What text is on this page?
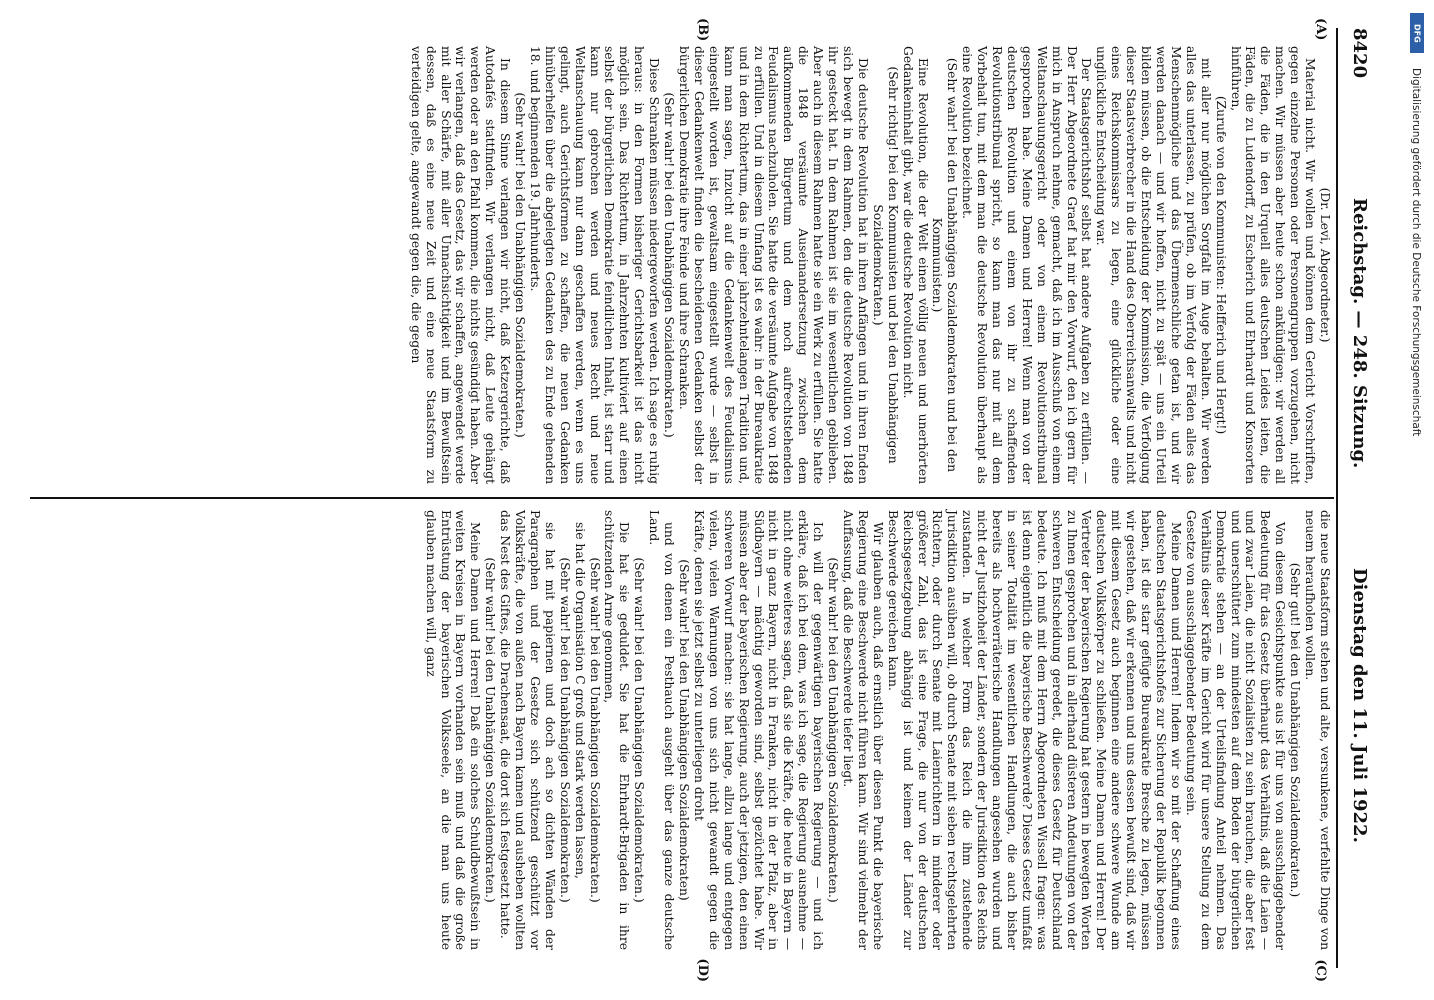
8420
Reichstag. — 248. Sitzung.
Dienstag den 11. Juli 1922.
(A)
(B)
(C)
(D)

(Dr. Levi, Abgeordneter.)

Material nicht. Wir wollen und können dem Gericht Vorschriften, gegen einzelne Personen oder Personengruppen vorzugehen, nicht machen. Wir müssen aber heute schon ankündigen: wir werden all die Fäden, die in den Urquell alles deutschen Leides leiten, die Fäden, die zu Ludendorff, zu Escherich und Ehrhardt und Konsorten hinführen,

(Zurufe von den Kommunisten: Helfferich und Hergt!)

mit aller nur möglichen Sorgfalt im Auge behalten. Wir werden alles das unterlassen, zu prüfen, ob im Verfolg der Fäden alles das Menschenmögliche und das Übermenschliche getan ist, und wir werden danach — und wir hoffen, nicht zu spät — uns ein Urteil bilden müssen, ob die Entscheidung der Kommission, die Verfolgung dieser Staatsverbrecher in die Hand des Oberreichsanwalts und nicht eines Reichskommissars zu legen, eine glückliche oder eine unglückliche Entscheidung war.

Der Staatsgerichtshof selbst hat andere Aufgaben zu erfüllen. — Der Herr Abgeordnete Graef hat mir den Vorwurf, den ich gern für mich in Anspruch nehme, gemacht, daß ich im Ausschuß von einem Weltanschauungsgericht oder von einem Revolutionstribunal gesprochen habe. Meine Damen und Herren! Wenn man von der deutschen Revolution und einem von ihr zu schaffenden Revolutionstribunal spricht, so kann man das nur mit all dem Vorbehalt tun, mit dem man die deutsche Revolution überhaupt als eine Revolution bezeichnet.

(Sehr wahr! bei den Unabhängigen Sozialdemokraten und bei den Kommunisten.)

Eine Revolution, die der Welt einen völlig neuen und unerhörten Gedankeninhalt gibt, war die deutsche Revolution nicht.

(Sehr richtig! bei den Kommunisten und bei den Unabhängigen Sozialdemokraten.)

Die deutsche Revolution hat in ihren Anfängen und in ihren Enden sich bewegt in dem Rahmen, den die deutsche Revolution von 1848 ihr gesteckt hat. In dem Rahmen ist sie im wesentlichen geblieben. Aber auch in diesem Rahmen hatte sie ein Werk zu erfüllen. Sie hatte die 1848 versäumte Auseinandersetzung zwischen dem aufkommenden Bürgertum und dem noch aufrechtstehenden Feudalismus nachzuholen. Sie hatte die versäumte Aufgabe von 1848 zu erfüllen. Und in diesem Umfang ist es wahr: in der Bureaukratie und in dem Richtertum, das in einer jahrzehntelangen Tradition und, kann man sagen, Inzucht auf die Gedankenwelt des Feudalismus eingestellt worden ist, gewaltsam eingestellt wurde — selbst in dieser Gedankenwelt finden die bescheidenen Gedanken selbst der bürgerlichen Demokratie ihre Feinde und ihre Schranken.

(Sehr wahr! bei den Unabhängigen Sozialdemokraten.)

Diese Schranken müssen niedergeworfen werden. Ich sage es ruhig heraus: in den Formen bisheriger Gerichtsbarkeit ist das nicht möglich sein. Das Richtertum, in Jahrzehnten kultiviert auf einen selbst der bürgerlichen Demokratie feindlichen Inhalt, ist starr und kann nur gebrochen werden und neues Recht und neue Weltanschauung kann nur dann geschaffen werden, wenn es uns gelingt, auch Gerichtsformen zu schaffen, die neuen Gedanken hinüberhelfen über die abgelegten Gedanken des zu Ende gehenden 18. und beginnenden 19. Jahrhunderts.

(Sehr wahr! bei den Unabhängigen Sozialdemokraten.)

In diesem Sinne verlangen wir nicht, daß Ketzergerichte, daß Autodafés stattfinden. Wir verlangen nicht, daß Leute gehängt werden oder an den Pfahl kommen, die nichts gesündigt haben. Aber wir verlangen, daß das Gesetz, das wir schaffen, angewendet werde mit aller Schärfe, mit aller Unnachsichtigkeit und im Bewußtsein dessen, daß es eine neue Zeit und eine neue Staatsform zu verteidigen gelte, angewandt gegen die, die gegen

die neue Staatsform stehen und alte, versunkene, verfehlte Dinge von neuem heraufholen wollen.

(Sehr gut! bei den Unabhängigen Sozialdemokraten.)

Von diesem Gesichtspunkte aus ist für uns von ausschlaggebender Bedeutung für das Gesetz überhaupt das Verhältnis, daß die Laien — und zwar Laien, die nicht Sozialisten zu sein brauchen, die aber fest und unerschüttert zum mindesten auf dem Boden der bürgerlichen Demokratie stehen — an der Urteilsfindung Anteil nehmen. Das Verhältnis dieser Kräfte im Gericht wird für unsere Stellung zu dem Gesetze von ausschlaggebender Bedeutung sein.

Meine Damen und Herren! Indem wir so mit der Schaffung eines deutschen Staatsgerichtshofes zur Sicherung der Republik begonnen haben, ist die starr gefügte Bureaukratie Bresche zu legen, müssen wir gestehen, daß wir erkennen und uns dessen bewußt sind, daß wir mit diesem Gesetz auch beginnen eine andere schwere Wunde am deutschen Volkskörper zu schließen. Meine Damen und Herren! Der Vertreter der bayerischen Regierung hat gestern in bewegten Worten zu Ihnen gesprochen und in allerhand düsteren Andeutungen von der schweren Entscheidung geredet, die dieses Gesetz für Deutschland bedeute. Ich muß mit dem Herrn Abgeordneten Wissell fragen: was ist denn eigentlich die bayerische Beschwerde? Dieses Gesetz umfaßt in seiner Totalität im wesentlichen Handlungen, die auch bisher bereits als hochverräterische Handlungen angesehen wurden und nicht der Justizhoheit der Länder, sondern der Jurisdiktion des Reichs zustanden. In welcher Form das Reich die ihm zustehende Jurisdiktion ausüben will, ob durch Senate mit sieben rechtsgelehrten Richtern, oder durch Senate mit Laienrichtern in minderer oder größerer Zahl, das ist eine Frage, die nur von der deutschen Reichsgesetzgebung abhängig ist und keinem der Länder zur Beschwerde gereichen kann.

Wir glauben auch, daß ernstlich über diesen Punkt die bayerische Regierung eine Beschwerde nicht führen kann. Wir sind vielmehr der Auffassung, daß die Beschwerde tiefer liegt.

(Sehr wahr! bei den Unabhängigen Sozialdemokraten.)

Ich will der gegenwärtigen bayerischen Regierung — und ich erkläre, daß ich bei dem, was ich sage, die Regierung ausnehme — nicht ohne weiteres sagen, daß sie die Kräfte, die heute in Bayern — nicht in ganz Bayern, nicht in Franken, nicht in der Pfalz, aber in Südbayern — mächtig geworden sind, selbst gezüchtet habe. Wir müssen aber der bayerischen Regierung, auch der jetzigen, den einen schweren Vorwurf machen: sie hat lange, allzu lange und entgegen vielen, vielen Warnungen von uns sich nicht gewandt gegen die Kräfte, denen sie jetzt selbst zu unterliegen droht

(Sehr wahr! bei den Unabhängigen Sozialdemokraten)

und von denen ein Pesthauch ausgeht über das ganze deutsche Land.

(Sehr wahr! bei den Unabhängigen Sozialdemokraten.)

Die hat sie geduldet. Sie hat die Ehrhardt-Brigaden in ihre schützenden Arme genommen,

(Sehr wahr! bei den Unabhängigen Sozialdemokraten.)

sie hat die Organisation C groß und stark werden lassen,

(Sehr wahr! bei den Unabhängigen Sozialdemokraten.)

sie hat mit papiernen und doch ach so dichten Wänden der Paragraphen und der Gesetze sich schützend geschützt vor Volkskräfte, die von außen nach Bayern kamen und ausheben wollten das Nest des Giftes, die Drachensaat, die dort sich festgesetzt hatte.

(Sehr wahr! bei den Unabhängigen Sozialdemokraten.)

Meine Damen und Herren! Daß ein solches Schuldbewußtsein in weiten Kreisen in Bayern vorhanden sein muß und daß die große Entrüstung der bayerischen Volksseele, an die man uns heute glauben machen will, ganz

DFG
Digitalisierung gefördert durch die Deutsche Forschungsgemeinschaft
